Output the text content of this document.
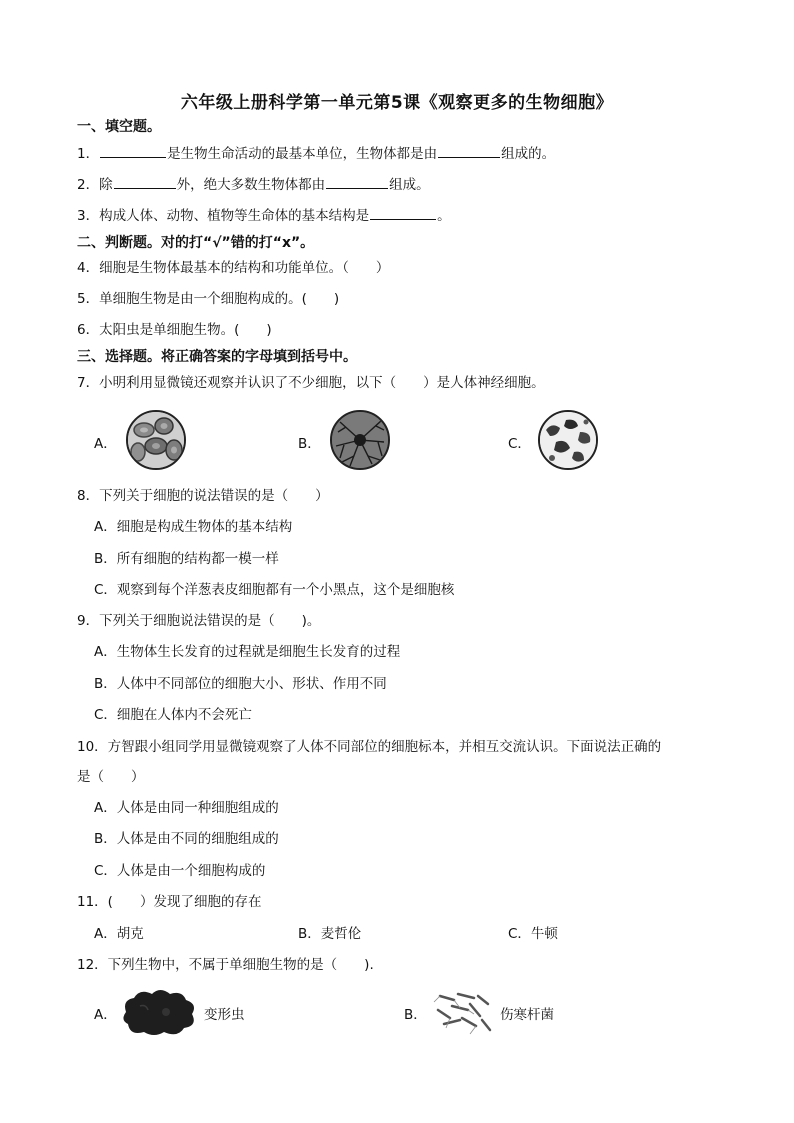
六年级上册科学第一单元第5课《观察更多的生物细胞》
一、填空题。
1．	是生物生命活动的最基本单位，生物体都是由	组成的。
2．除	外，绝大多数生物体都由	组成。
3．构成人体、动物、植物等生命体的基本结构是	。
二、判断题。对的打“√”错的打“x”。
4．细胞是生物体最基本的结构和功能单位。（　　）
5．单细胞生物是由一个细胞构成的。(　　)
6．太阳虫是单细胞生物。(　　)
三、选择题。将正确答案的字母填到括号中。
7．小明利用显微镜还观察并认识了不少细胞，以下（　　）是人体神经细胞。
A．	B．	C．
8．下列关于细胞的说法错误的是（　　）
A．细胞是构成生物体的基本结构
B．所有细胞的结构都一模一样
C．观察到每个洋葱表皮细胞都有一个小黑点，这个是细胞核
9．下列关于细胞说法错误的是（　　)。
A．生物体生长发育的过程就是细胞生长发育的过程
B．人体中不同部位的细胞大小、形状、作用不同
C．细胞在人体内不会死亡
10．方智跟小组同学用显微镜观察了人体不同部位的细胞标本，并相互交流认识。下面说法正确的
是（　　）
A．人体是由同一种细胞组成的
B．人体是由不同的细胞组成的
C．人体是由一个细胞构成的
11．(　　）发现了细胞的存在
A．胡克	B．麦哲伦	C．牛顿
12．下列生物中，不属于单细胞生物的是（　　).
A．	变形虫	B．	伤寒杆菌
